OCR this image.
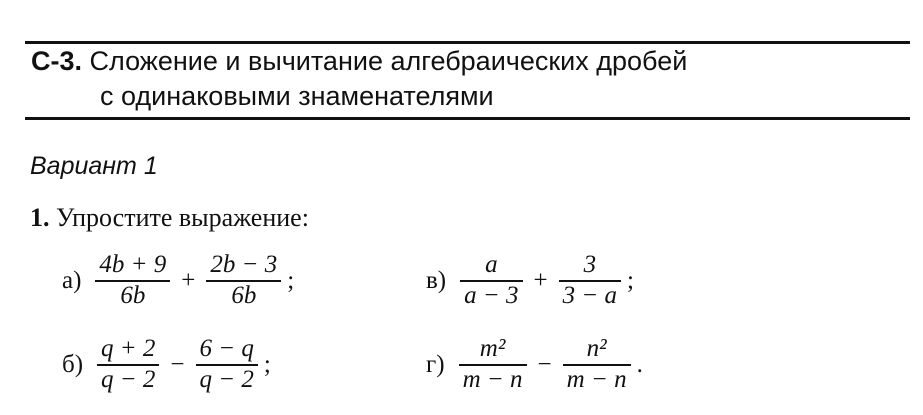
С-3. Сложение и вычитание алгебраических дробей
с одинаковыми знаменателями
Вариант 1
1. Упростите выражение:
$а) \frac{4b + 9}{6b} + \frac{2b - 3}{6b}$ ;	$в) \frac{a}{a - 3} + \frac{3}{3 - a}$ ;
$б) \frac{q + 2}{q - 2} - \frac{6 - q}{q - 2}$ ;	$г) \frac{\text{m²}}{m - n} - \frac{\text{n²}}{m - n}$ .
